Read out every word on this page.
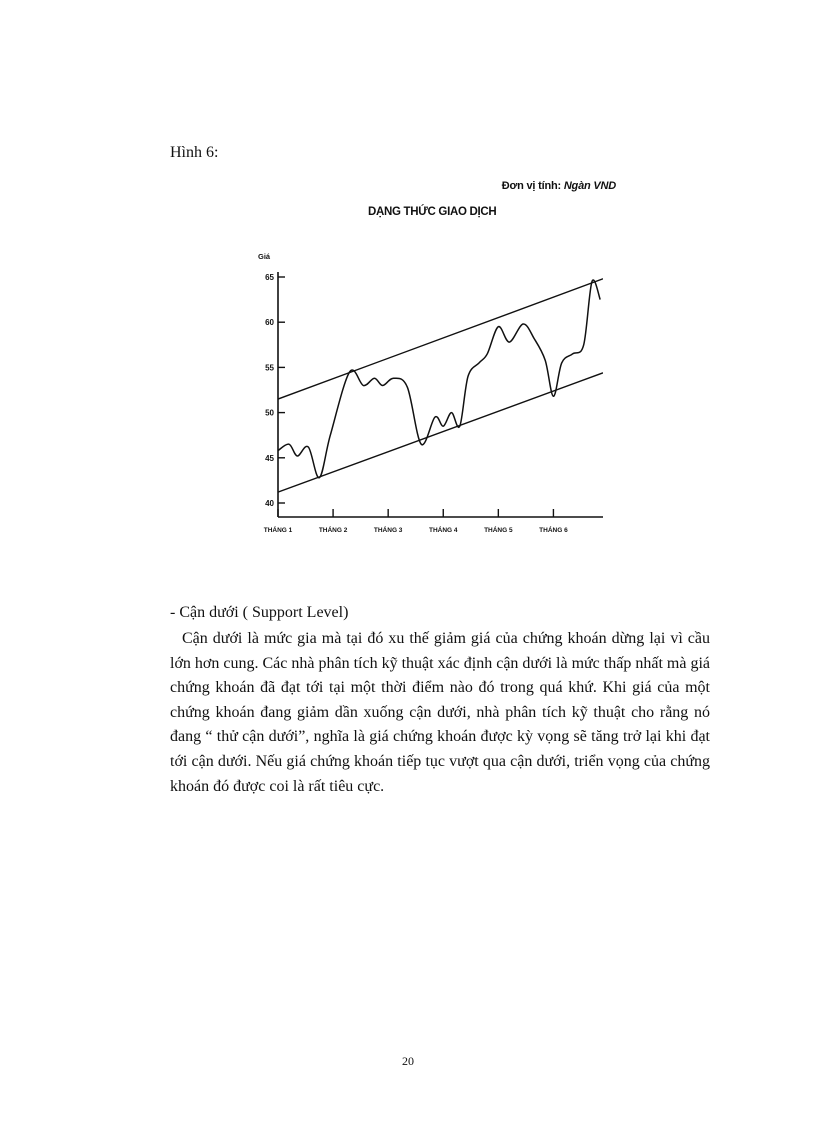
Hình 6:
Đơn vị tính: Ngàn VND
DẠNG THỨC GIAO DỊCH
Giá
40
45
50
55
60
65
THÁNG 1	THÁNG 2	THÁNG 3	THÁNG 4	THÁNG 5	THÁNG 6
- Cận dưới ( Support Level)

Cận dưới là mức gia mà tại đó xu thế giảm giá của chứng khoán dừng lại vì cầu lớn hơn cung. Các nhà phân tích kỹ thuật xác định cận dưới là mức thấp nhất mà giá chứng khoán đã đạt tới tại một thời điểm nào đó trong quá khứ. Khi giá của một chứng khoán đang giảm dần xuống cận dưới, nhà phân tích kỹ thuật cho rằng nó đang “ thử cận dưới”, nghĩa là giá chứng khoán được kỳ vọng sẽ tăng trở lại khi đạt tới cận dưới. Nếu giá chứng khoán tiếp tục vượt qua cận dưới, triển vọng của chứng khoán đó được coi là rất tiêu cực.

20
